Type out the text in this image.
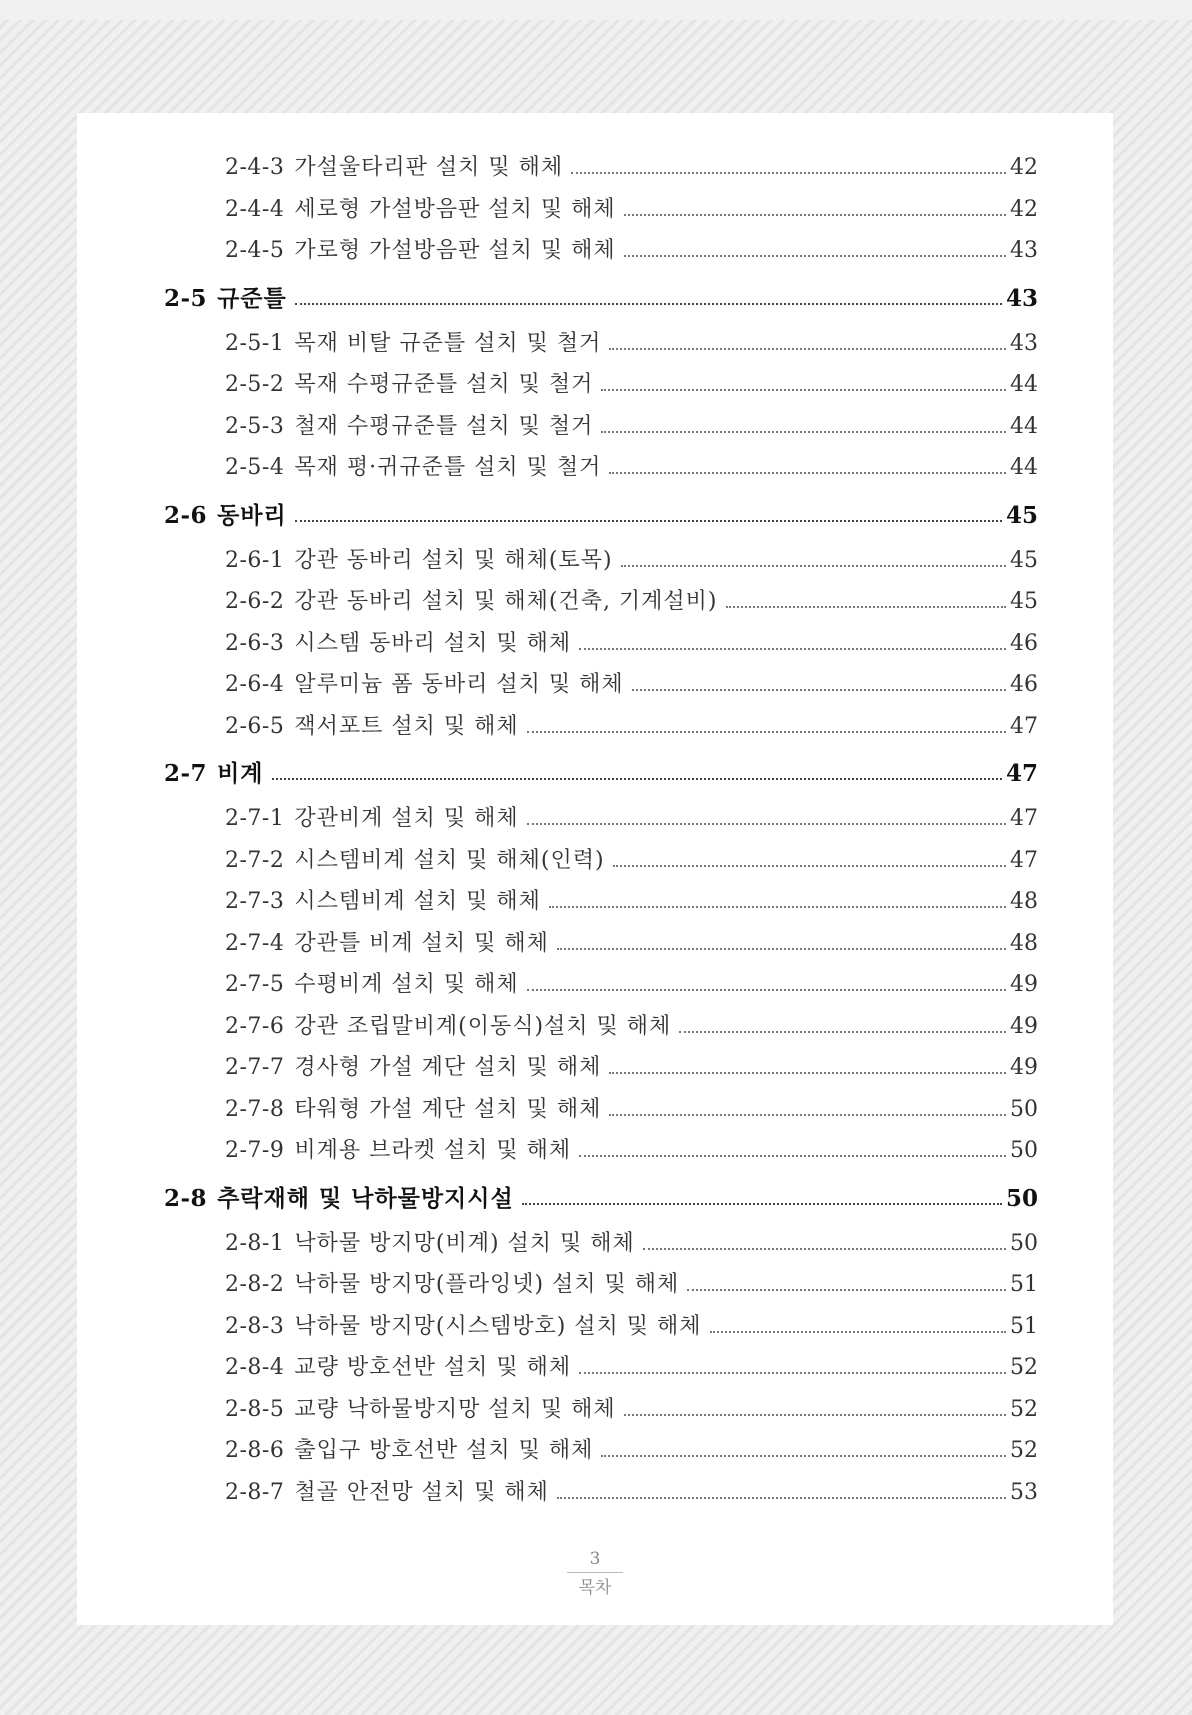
2-4-3 가설울타리판 설치 및 해체	42
2-4-4 세로형 가설방음판 설치 및 해체	42
2-4-5 가로형 가설방음판 설치 및 해체	43
2-5 규준틀	43
2-5-1 목재 비탈 규준틀 설치 및 철거	43
2-5-2 목재 수평규준틀 설치 및 철거	44
2-5-3 철재 수평규준틀 설치 및 철거	44
2-5-4 목재 평·귀규준틀 설치 및 철거	44
2-6 동바리	45
2-6-1 강관 동바리 설치 및 해체(토목)	45
2-6-2 강관 동바리 설치 및 해체(건축, 기계설비)	45
2-6-3 시스템 동바리 설치 및 해체	46
2-6-4 알루미늄 폼 동바리 설치 및 해체	46
2-6-5 잭서포트 설치 및 해체	47
2-7 비계	47
2-7-1 강관비계 설치 및 해체	47
2-7-2 시스템비계 설치 및 해체(인력)	47
2-7-3 시스템비계 설치 및 해체	48
2-7-4 강관틀 비계 설치 및 해체	48
2-7-5 수평비계 설치 및 해체	49
2-7-6 강관 조립말비계(이동식)설치 및 해체	49
2-7-7 경사형 가설 계단 설치 및 해체	49
2-7-8 타워형 가설 계단 설치 및 해체	50
2-7-9 비계용 브라켓 설치 및 해체	50
2-8 추락재해 및 낙하물방지시설	50
2-8-1 낙하물 방지망(비계) 설치 및 해체	50
2-8-2 낙하물 방지망(플라잉넷) 설치 및 해체	51
2-8-3 낙하물 방지망(시스템방호) 설치 및 해체	51
2-8-4 교량 방호선반 설치 및 해체	52
2-8-5 교량 낙하물방지망 설치 및 해체	52
2-8-6 출입구 방호선반 설치 및 해체	52
2-8-7 철골 안전망 설치 및 해체	53
3
목차
